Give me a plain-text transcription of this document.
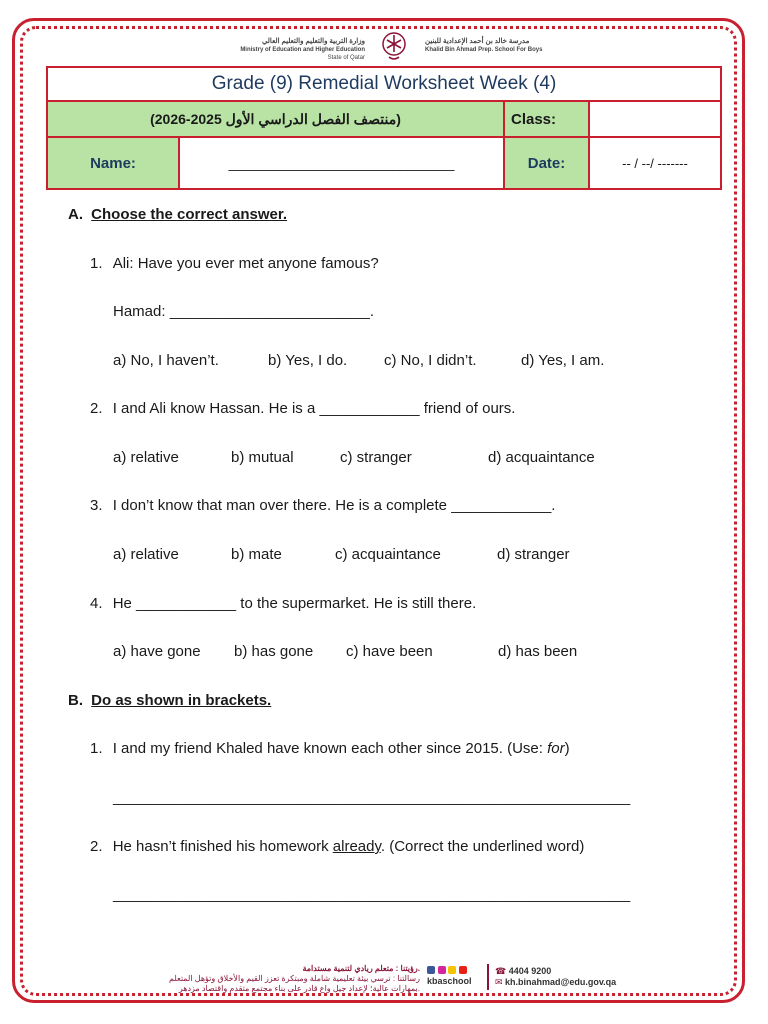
وزارة التربية والتعليم والتعليم العالي
Ministry of Education and Higher Education
State of Qatar
مدرسة خالد بن أحمد الإعدادية للبنين
Khalid Bin Ahmad Prep. School For Boys
Grade (9) Remedial Worksheet Week (4)			
(منتصف الفصل الدراسي الأول 2025-2026)		Class:	
Name:	_____________________________	Date:	-- / --/ -------
A. Choose the correct answer.
1. Ali: Have you ever met anyone famous?
Hamad: ________________________.
a) No, I haven’t.	b) Yes, I do. c) No, I didn’t.	d) Yes, I am.
2. I and Ali know Hassan. He is a ____________ friend of ours.
a) relative	b) mutual	c) stranger	d) acquaintance
3. I don’t know that man over there. He is a complete ____________.
a) relative	b) mate	c) acquaintance	d) stranger
4. He ____________ to the supermarket. He is still there.
a) have gone b) has gone c) have been	d) has been
B. Do as shown in brackets.
1. I and my friend Khaled have known each other since 2015. (Use: for)
______________________________________________________________
2. He hasn’t finished his homework already. (Correct the underlined word)
______________________________________________________________
رؤيتنا : متعلم ريادي لتنمية مستدامة.
رسالتنا : ترسي بيئة تعليمية شاملة ومبتكرة تعزز القيم والأخلاق وتؤهل المتعلم
بمهارات عالية؛ لإعداد جيل واع قادر على بناء مجتمع متقدم واقتصاد مزدهر.

kbaschool
☎ 4404 9200
✉ kh.binahmad@edu.gov.qa
